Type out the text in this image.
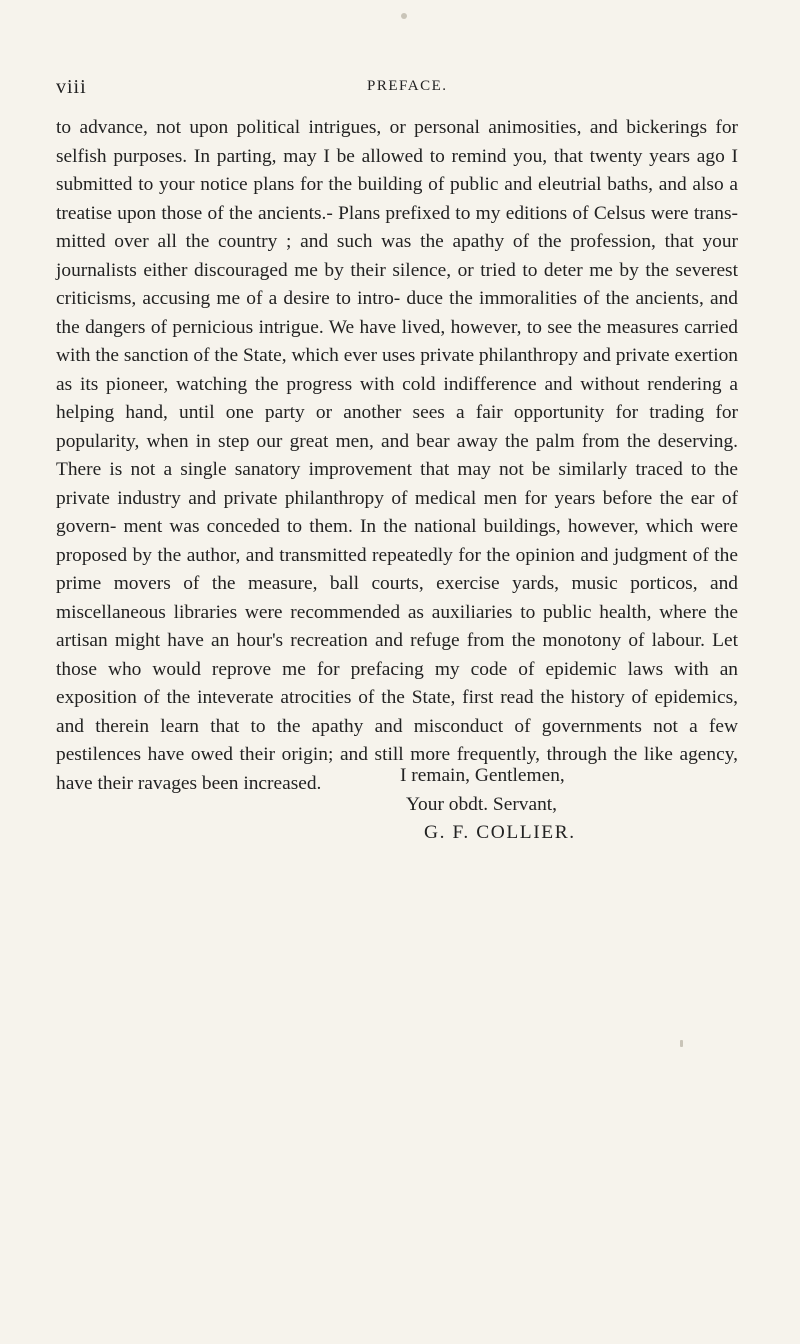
viii	PREFACE.

to advance, not upon political intrigues, or personal animosities, and bickerings for selfish purposes. In parting, may I be allowed to remind you, that twenty years ago I submitted to your notice plans for the building of public and eleutrial baths, and also a treatise upon those of the ancients.- Plans prefixed to my editions of Celsus were trans- mitted over all the country ; and such was the apathy of the profession, that your journalists either discouraged me by their silence, or tried to deter me by the severest criticisms, accusing me of a desire to intro- duce the immoralities of the ancients, and the dangers of pernicious intrigue. We have lived, however, to see the measures carried with the sanction of the State, which ever uses private philanthropy and private exertion as its pioneer, watching the progress with cold indifference and without rendering a helping hand, until one party or another sees a fair opportunity for trading for popularity, when in step our great men, and bear away the palm from the deserving. There is not a single sanatory improvement that may not be similarly traced to the private industry and private philanthropy of medical men for years before the ear of govern- ment was conceded to them. In the national buildings, however, which were proposed by the author, and transmitted repeatedly for the opinion and judgment of the prime movers of the measure, ball courts, exercise yards, music porticos, and miscellaneous libraries were recommended as auxiliaries to public health, where the artisan might have an hour's recreation and refuge from the monotony of labour. Let those who would reprove me for prefacing my code of epidemic laws with an exposition of the inteverate atrocities of the State, first read the history of epidemics, and therein learn that to the apathy and misconduct of governments not a few pestilences have owed their origin; and still more frequently, through the like agency, have their ravages been increased.	I remain, Gentlemen,
Your obdt. Servant,
G. F. COLLIER.
